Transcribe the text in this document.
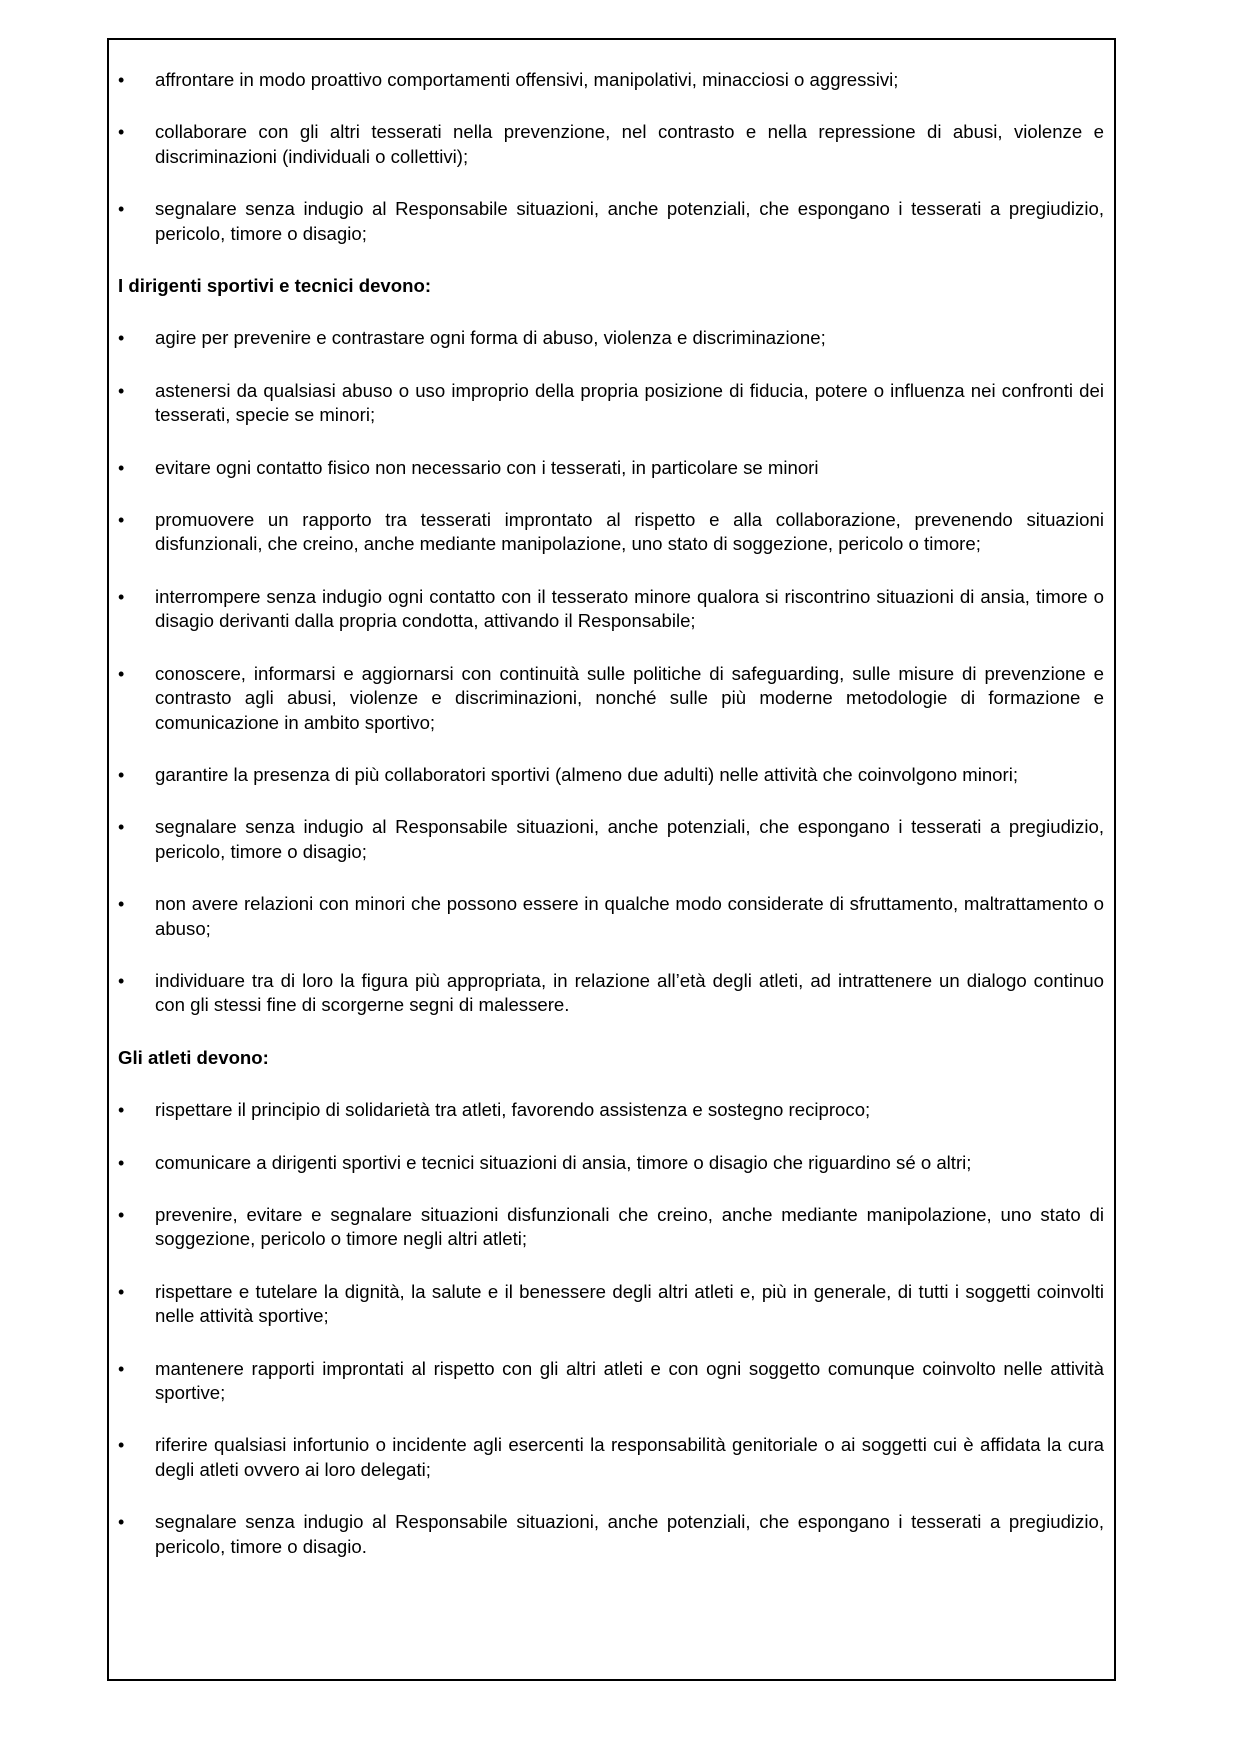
•	affrontare in modo proattivo comportamenti offensivi, manipolativi, minacciosi o aggressivi;
•	collaborare con gli altri tesserati nella prevenzione, nel contrasto e nella repressione di abusi, violenze e discriminazioni (individuali o collettivi);
•	segnalare senza indugio al Responsabile situazioni, anche potenziali, che espongano i tesserati a pregiudizio, pericolo, timore o disagio;
I dirigenti sportivi e tecnici devono:
•	agire per prevenire e contrastare ogni forma di abuso, violenza e discriminazione;
•	astenersi da qualsiasi abuso o uso improprio della propria posizione di fiducia, potere o influenza nei confronti dei tesserati, specie se minori;
•	evitare ogni contatto fisico non necessario con i tesserati, in particolare se minori
•	promuovere un rapporto tra tesserati improntato al rispetto e alla collaborazione, prevenendo situazioni disfunzionali, che creino, anche mediante manipolazione, uno stato di soggezione, pericolo o timore;
•	interrompere senza indugio ogni contatto con il tesserato minore qualora si riscontrino situazioni di ansia, timore o disagio derivanti dalla propria condotta, attivando il Responsabile;
•	conoscere, informarsi e aggiornarsi con continuità sulle politiche di safeguarding, sulle misure di prevenzione e contrasto agli abusi, violenze e discriminazioni, nonché sulle più moderne metodologie di formazione e comunicazione in ambito sportivo;
•	garantire la presenza di più collaboratori sportivi (almeno due adulti) nelle attività che coinvolgono minori;
•	segnalare senza indugio al Responsabile situazioni, anche potenziali, che espongano i tesserati a pregiudizio, pericolo, timore o disagio;
•	non avere relazioni con minori che possono essere in qualche modo considerate di sfruttamento, maltrattamento o abuso;
•	individuare tra di loro la figura più appropriata, in relazione all’età degli atleti, ad intrattenere un dialogo continuo con gli stessi fine di scorgerne segni di malessere.
Gli atleti devono:
•	rispettare il principio di solidarietà tra atleti, favorendo assistenza e sostegno reciproco;
•	comunicare a dirigenti sportivi e tecnici situazioni di ansia, timore o disagio che riguardino sé o altri;
•	prevenire, evitare e segnalare situazioni disfunzionali che creino, anche mediante manipolazione, uno stato di soggezione, pericolo o timore negli altri atleti;
•	rispettare e tutelare la dignità, la salute e il benessere degli altri atleti e, più in generale, di tutti i soggetti coinvolti nelle attività sportive;
•	mantenere rapporti improntati al rispetto con gli altri atleti e con ogni soggetto comunque coinvolto nelle attività sportive;
•	riferire qualsiasi infortunio o incidente agli esercenti la responsabilità genitoriale o ai soggetti cui è affidata la cura degli atleti ovvero ai loro delegati;
•	segnalare senza indugio al Responsabile situazioni, anche potenziali, che espongano i tesserati a pregiudizio, pericolo, timore o disagio.
